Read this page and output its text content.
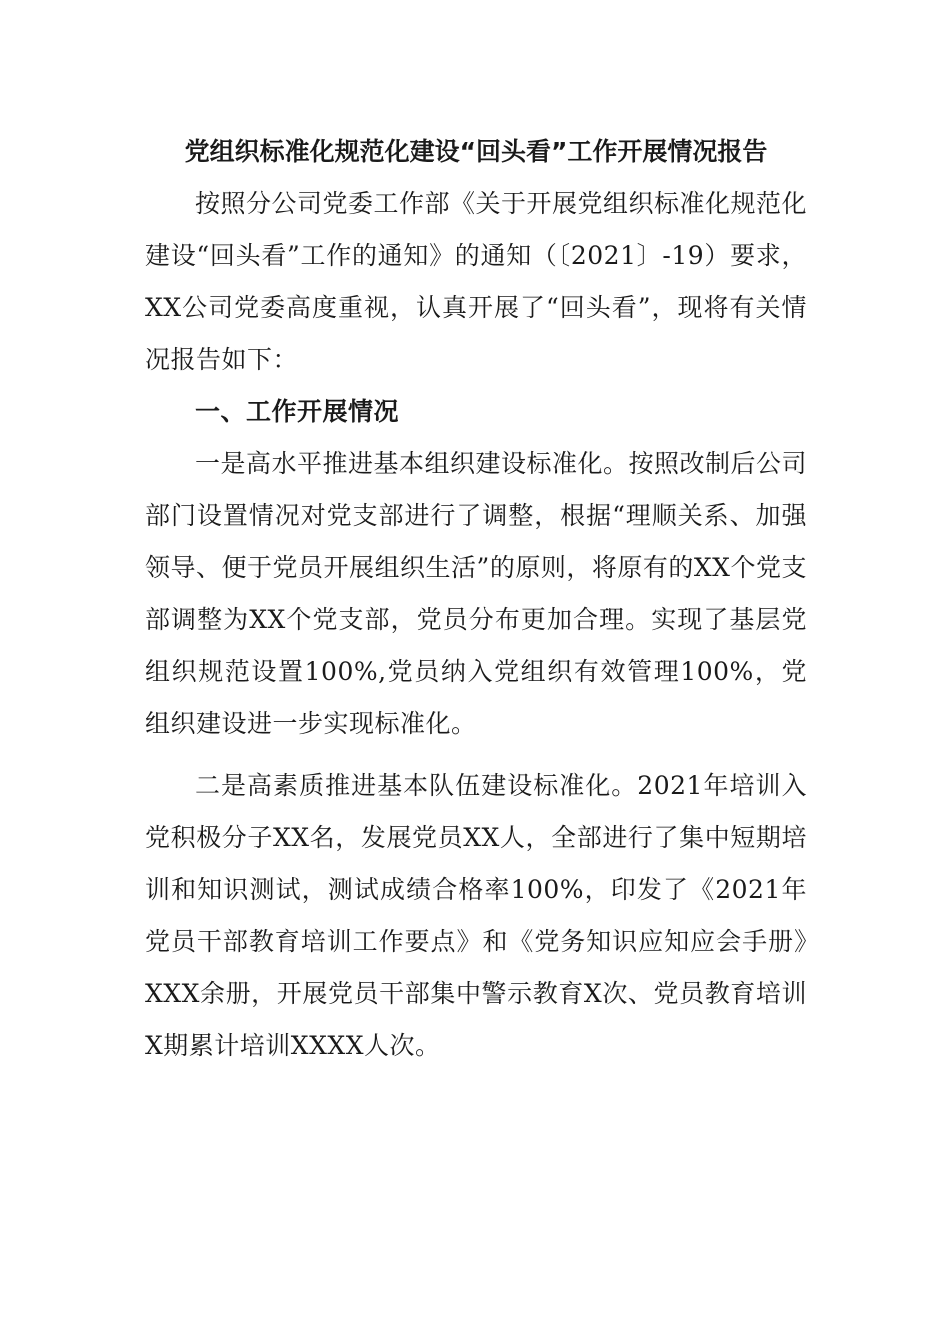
党组织标准化规范化建设“回头看”工作开展情况报告

按照分公司党委工作部《关于开展党组织标准化规范化建设“回头看”工作的通知》的通知（〔2021〕-19）要求，XX公司党委高度重视，认真开展了“回头看”，现将有关情况报告如下：

一、工作开展情况

一是高水平推进基本组织建设标准化。按照改制后公司部门设置情况对党支部进行了调整，根据“理顺关系、加强领导、便于党员开展组织生活”的原则，将原有的XX个党支部调整为XX个党支部，党员分布更加合理。实现了基层党组织规范设置100%,党员纳入党组织有效管理100%，党组织建设进一步实现标准化。

二是高素质推进基本队伍建设标准化。2021年培训入党积极分子XX名，发展党员XX人，全部进行了集中短期培训和知识测试，测试成绩合格率100%，印发了《2021年党员干部教育培训工作要点》和《党务知识应知应会手册》XXX余册，开展党员干部集中警示教育X次、党员教育培训X期累计培训XXXX人次。
